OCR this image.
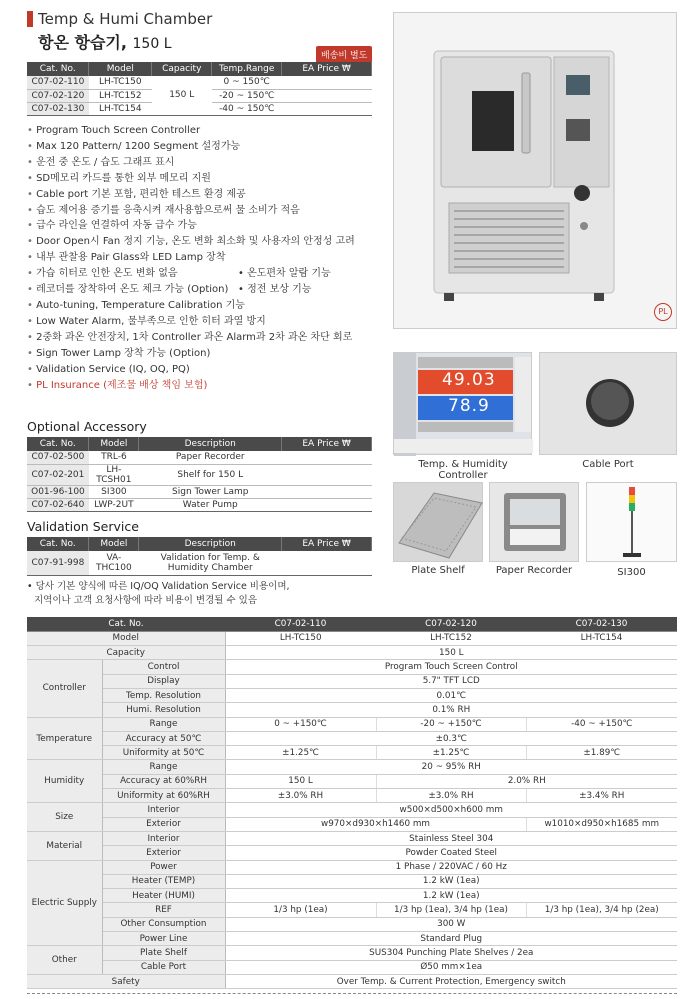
Temp & Humi Chamber
항온 항습기, 150 L
배송비 별도
Cat. No.	Model	Capacity	Temp.Range	EA Price ₩
C07-02-110	LH-TC150	150 L	0 ~ 150℃	
C07-02-120	LH-TC152		-20 ~ 150℃	
C07-02-130	LH-TC154		-40 ~ 150℃	
• Program Touch Screen Controller
• Max 120 Pattern/ 1200 Segment 설정가능
• 운전 중 온도 / 습도 그래프 표시
• SD메모리 카드를 통한 외부 메모리 지원
• Cable port 기본 포함, 편리한 테스트 환경 제공
• 습도 제어용 증기를 응축시켜 재사용함으로써 물 소비가 적음
• 급수 라인을 연결하여 자동 급수 가능
• Door Open시 Fan 정지 기능, 온도 변화 최소화 및 사용자의 안정성 고려
• 내부 관찰용 Pair Glass와 LED Lamp 장착
• 가습 히터로 인한 온도 변화 없음	• 온도편차 알람 기능
• 레코더를 장착하여 온도 체크 가능 (Option) • 정전 보상 기능
• Auto-tuning, Temperature Calibration 기능
• Low Water Alarm, 물부족으로 인한 히터 과열 방지
• 2중화 과온 안전장치, 1차 Controller 과온 Alarm과 2차 과온 차단 회로
• Sign Tower Lamp 장착 가능 (Option)
• Validation Service (IQ, OQ, PQ)
• PL Insurance (제조물 배상 책임 보험)
Optional Accessory
Cat. No.	Model	Description	EA Price ₩
C07-02-500	TRL-6	Paper Recorder	
C07-02-201	LH-TCSH01	Shelf for 150 L	
O01-96-100	SI300	Sign Tower Lamp	
C07-02-640	LWP-2UT	Water Pump	
Validation Service
Cat. No.	Model	Description	EA Price ₩
C07-91-998	VA-THC100	Validation for Temp. &
Humidity Chamber	
• 당사 기본 양식에 따른 IQ/OQ Validation Service 비용이며,
지역이나 고객 요청사항에 따라 비용이 변경될 수 있음
PL
49.03
78.9
Temp. & Humidity Controller
Cable Port
Plate Shelf	Paper Recorder	SI300
Cat. No.		C07-02-110	C07-02-120	C07-02-130
Model		LH-TC150	LH-TC152	LH-TC154
Capacity		150 L		
Controller	Control	Program Touch Screen Control		
	Display	5.7" TFT LCD		
	Temp. Resolution	0.01℃		
	Humi. Resolution	0.1% RH		
Temperature	Range	0 ~ +150℃	-20 ~ +150℃	-40 ~ +150℃
	Accuracy at 50℃	±0.3℃		
	Uniformity at 50℃	±1.25℃	±1.25℃	±1.89℃
Humidity	Range	20 ~ 95% RH		
	Accuracy at 60%RH	150 L	2.0% RH	
	Uniformity at 60%RH	±3.0% RH	±3.0% RH	±3.4% RH
Size	Interior	w500×d500×h600 mm		
	Exterior	w970×d930×h1460 mm		w1010×d950×h1685 mm
Material	Interior	Stainless Steel 304		
	Exterior	Powder Coated Steel		
Electric Supply	Power	1 Phase / 220VAC / 60 Hz		
	Heater (TEMP)	1.2 kW (1ea)		
	Heater (HUMI)	1.2 kW (1ea)		
	REF	1/3 hp (1ea)	1/3 hp (1ea), 3/4 hp (1ea)	1/3 hp (1ea), 3/4 hp (2ea)
	Other Consumption	300 W		
	Power Line	Standard Plug		
Other	Plate Shelf	SUS304 Punching Plate Shelves / 2ea		
	Cable Port	Ø50 mm×1ea		
Safety		Over Temp. & Current Protection, Emergency switch		
